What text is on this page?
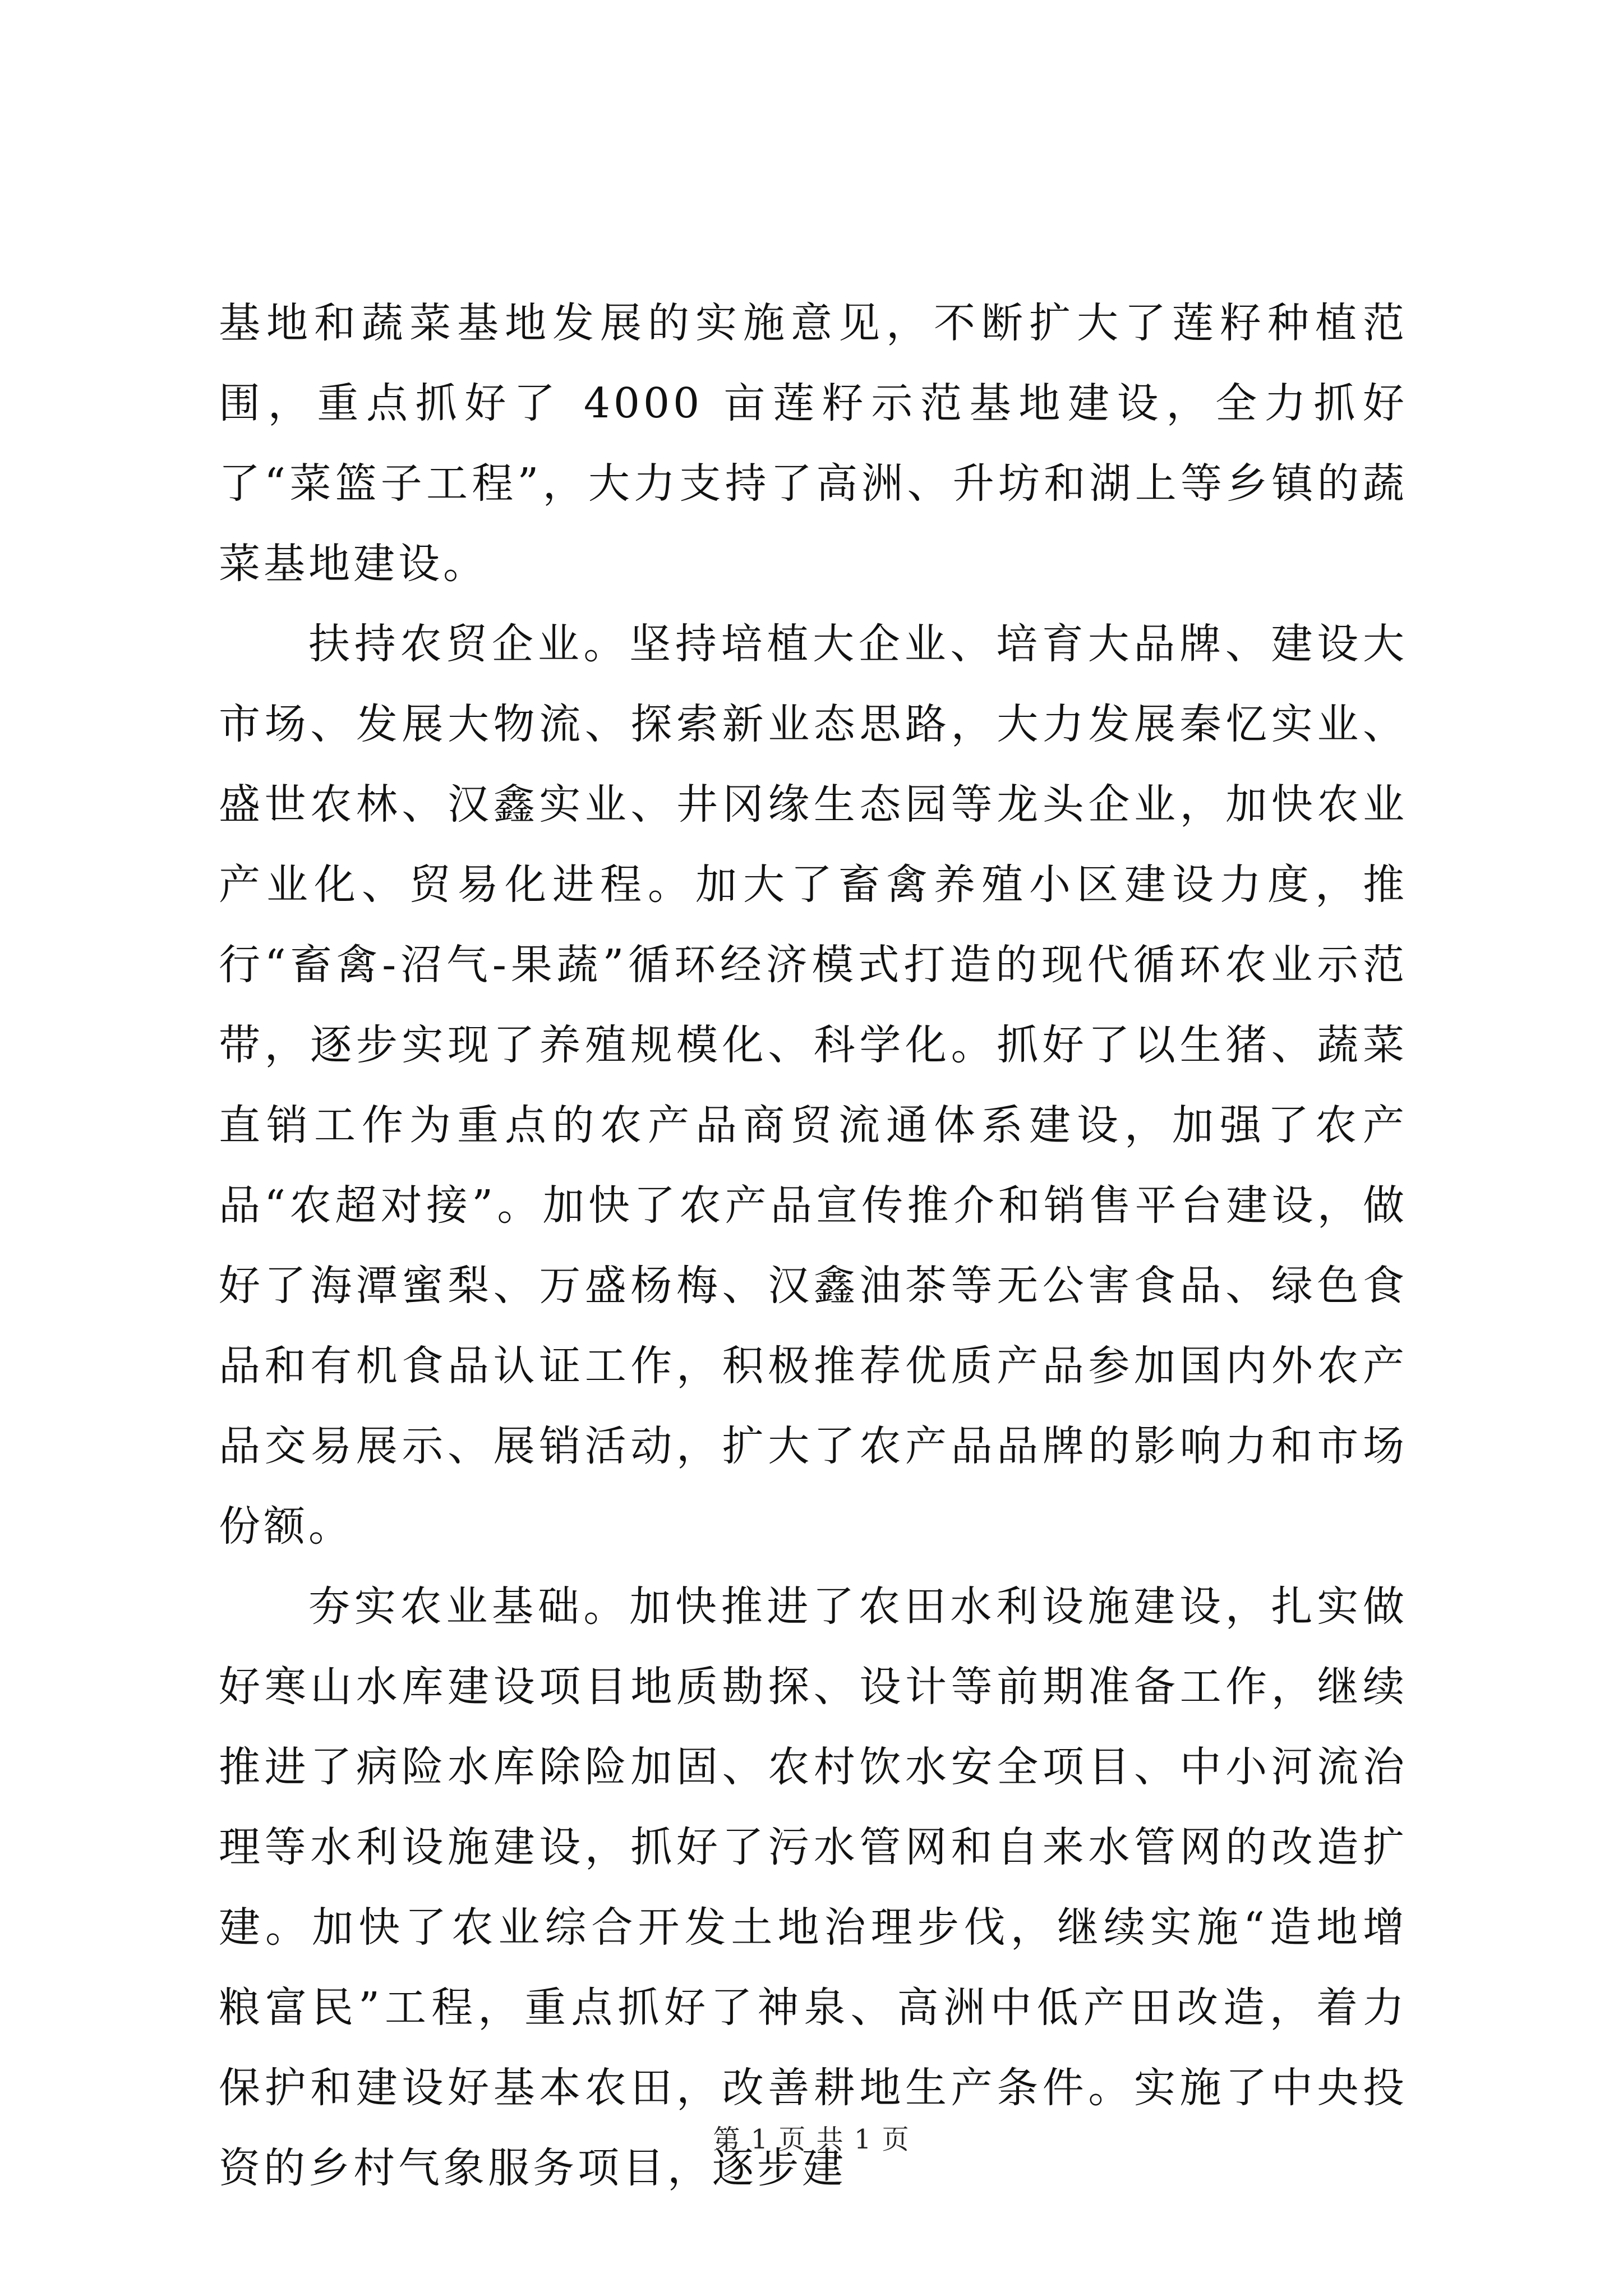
基地和蔬菜基地发展的实施意见，不断扩大了莲籽种植范围，重点抓好了 4000 亩莲籽示范基地建设，全力抓好了“菜篮子工程”，大力支持了高洲、升坊和湖上等乡镇的蔬菜基地建设。

扶持农贸企业。坚持培植大企业、培育大品牌、建设大市场、发展大物流、探索新业态思路，大力发展秦忆实业、盛世农林、汉鑫实业、井冈缘生态园等龙头企业，加快农业产业化、贸易化进程。加大了畜禽养殖小区建设力度，推行“畜禽-沼气-果蔬”循环经济模式打造的现代循环农业示范带，逐步实现了养殖规模化、科学化。抓好了以生猪、蔬菜直销工作为重点的农产品商贸流通体系建设，加强了农产品“农超对接”。加快了农产品宣传推介和销售平台建设，做好了海潭蜜梨、万盛杨梅、汉鑫油茶等无公害食品、绿色食品和有机食品认证工作，积极推荐优质产品参加国内外农产品交易展示、展销活动，扩大了农产品品牌的影响力和市场份额。

夯实农业基础。加快推进了农田水利设施建设，扎实做好寒山水库建设项目地质勘探、设计等前期准备工作，继续推进了病险水库除险加固、农村饮水安全项目、中小河流治理等水利设施建设，抓好了污水管网和自来水管网的改造扩建。加快了农业综合开发土地治理步伐，继续实施“造地增粮富民”工程，重点抓好了神泉、高洲中低产田改造，着力保护和建设好基本农田，改善耕地生产条件。实施了中央投资的乡村气象服务项目，逐步建

第 1 页 共 1 页
